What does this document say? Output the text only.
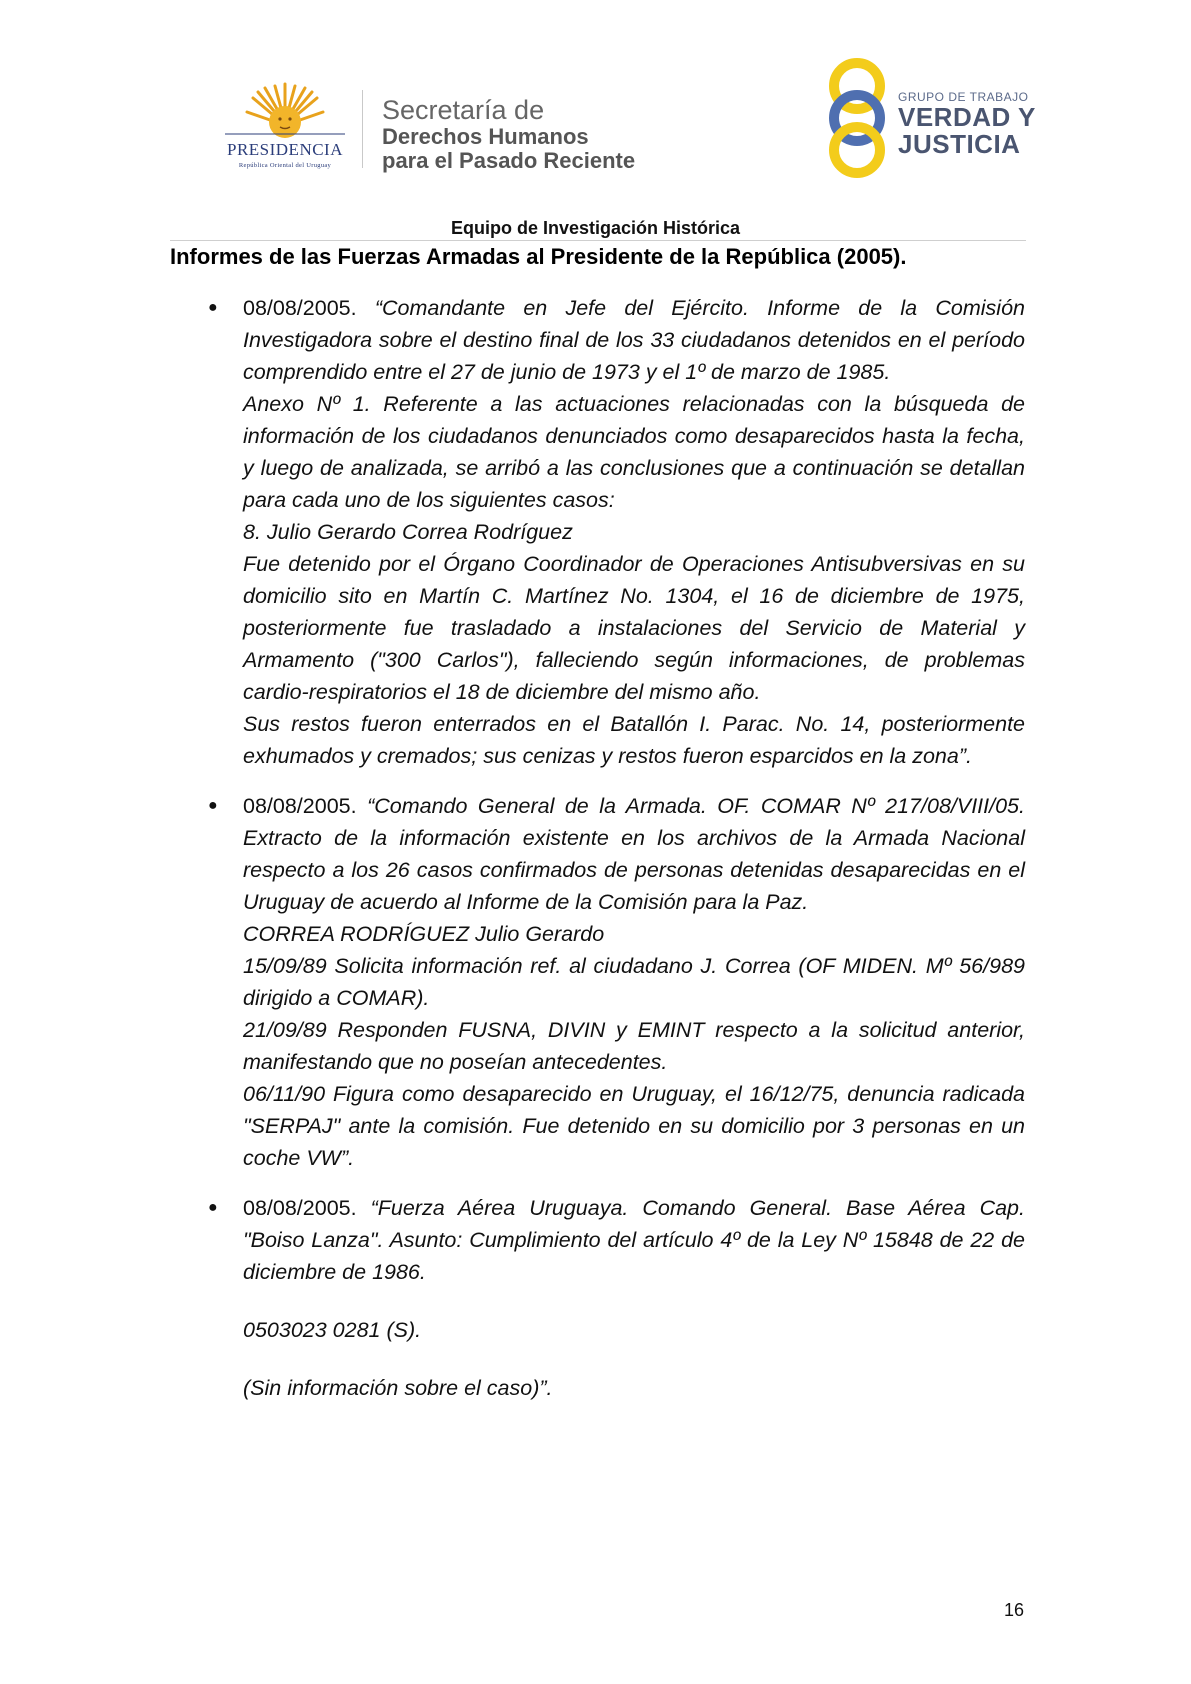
PRESIDENCIA
República Oriental del Uruguay
Secretaría de
Derechos Humanos
para el Pasado Reciente
GRUPO DE TRABAJO
VERDAD Y
JUSTICIA
Equipo de Investigación Histórica
Informes de las Fuerzas Armadas al Presidente de la República (2005).
● 08/08/2005. “Comandante en Jefe del Ejército. Informe de la Comisión Investigadora sobre el destino final de los 33 ciudadanos detenidos en el período comprendido entre el 27 de junio de 1973 y el 1º de marzo de 1985.

Anexo Nº 1. Referente a las actuaciones relacionadas con la búsqueda de información de los ciudadanos denunciados como desaparecidos hasta la fecha, y luego de analizada, se arribó a las conclusiones que a continuación se detallan para cada uno de los siguientes casos:

8. Julio Gerardo Correa Rodríguez

Fue detenido por el Órgano Coordinador de Operaciones Antisubversivas en su domicilio sito en Martín C. Martínez No. 1304, el 16 de diciembre de 1975, posteriormente fue trasladado a instalaciones del Servicio de Material y Armamento ("300 Carlos"), falleciendo según informaciones, de problemas cardio-respiratorios el 18 de diciembre del mismo año.

Sus restos fueron enterrados en el Batallón I. Parac. No. 14, posteriormente exhumados y cremados; sus cenizas y restos fueron esparcidos en la zona”.

● 08/08/2005. “Comando General de la Armada. OF. COMAR Nº 217/08/VIII/05. Extracto de la información existente en los archivos de la Armada Nacional respecto a los 26 casos confirmados de personas detenidas desaparecidas en el Uruguay de acuerdo al Informe de la Comisión para la Paz.

CORREA RODRÍGUEZ Julio Gerardo

15/09/89 Solicita información ref. al ciudadano J. Correa (OF MIDEN. Mº 56/989 dirigido a COMAR).

21/09/89 Responden FUSNA, DIVIN y EMINT respecto a la solicitud anterior, manifestando que no poseían antecedentes.

06/11/90 Figura como desaparecido en Uruguay, el 16/12/75, denuncia radicada "SERPAJ" ante la comisión. Fue detenido en su domicilio por 3 personas en un coche VW”.

● 08/08/2005. “Fuerza Aérea Uruguaya. Comando General. Base Aérea Cap. "Boiso Lanza". Asunto: Cumplimiento del artículo 4º de la Ley Nº 15848 de 22 de diciembre de 1986.

0503023 0281 (S).

(Sin información sobre el caso)”.

16
